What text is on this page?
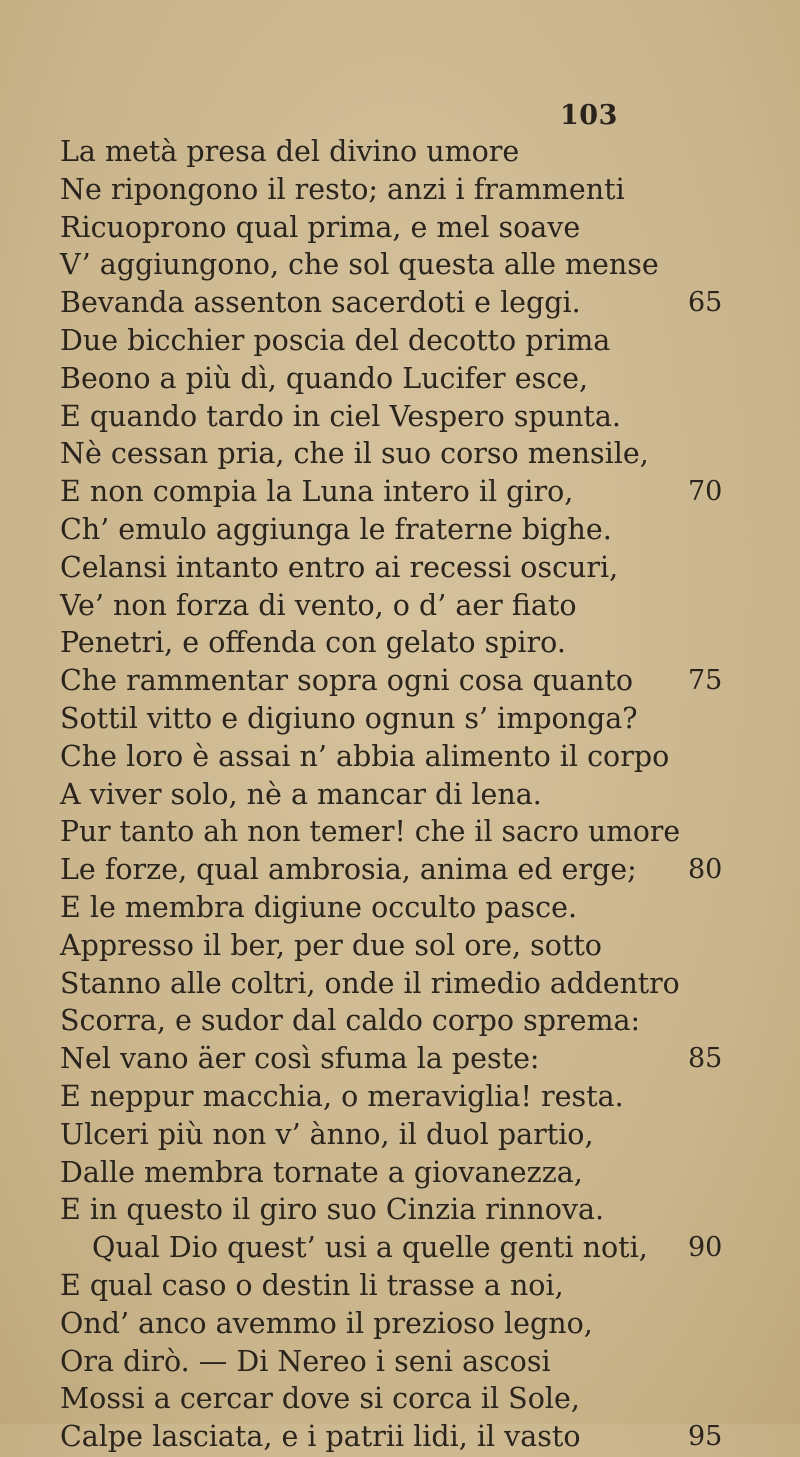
103
La metà presa del divino umore
Ne ripongono il resto; anzi i frammenti
Ricuoprono qual prima, e mel soave
V’ aggiungono, che sol questa alle mense
Bevanda assenton sacerdoti e leggi.
Due bicchier poscia del decotto prima
Beono a più dì, quando Lucifer esce,
E quando tardo in ciel Vespero spunta.
Nè cessan pria, che il suo corso mensile,
E non compia la Luna intero il giro,
Ch’ emulo aggiunga le fraterne bighe.
Celansi intanto entro ai recessi oscuri,
Ve’ non forza di vento, o d’ aer fiato
Penetri, e offenda con gelato spiro.
Che rammentar sopra ogni cosa quanto
Sottil vitto e digiuno ognun s’ imponga?
Che loro è assai n’ abbia alimento il corpo
A viver solo, nè a mancar di lena.
Pur tanto ah non temer! che il sacro umore
Le forze, qual ambrosia, anima ed erge;
E le membra digiune occulto pasce.
Appresso il ber, per due sol ore, sotto
Stanno alle coltri, onde il rimedio addentro
Scorra, e sudor dal caldo corpo sprema:
Nel vano äer così sfuma la peste:
E neppur macchia, o meraviglia! resta.
Ulceri più non v’ ànno, il duol partio,
Dalle membra tornate a giovanezza,
E in questo il giro suo Cinzia rinnova.
Qual Dio quest’ usi a quelle genti noti,
E qual caso o destin li trasse a noi,
Ond’ anco avemmo il prezioso legno,
Ora dirò. — Di Nereo i seni ascosi
Mossi a cercar dove si corca il Sole,
Calpe lasciata, e i patrii lidi, il vasto
65
70
75
80
85
90
95
